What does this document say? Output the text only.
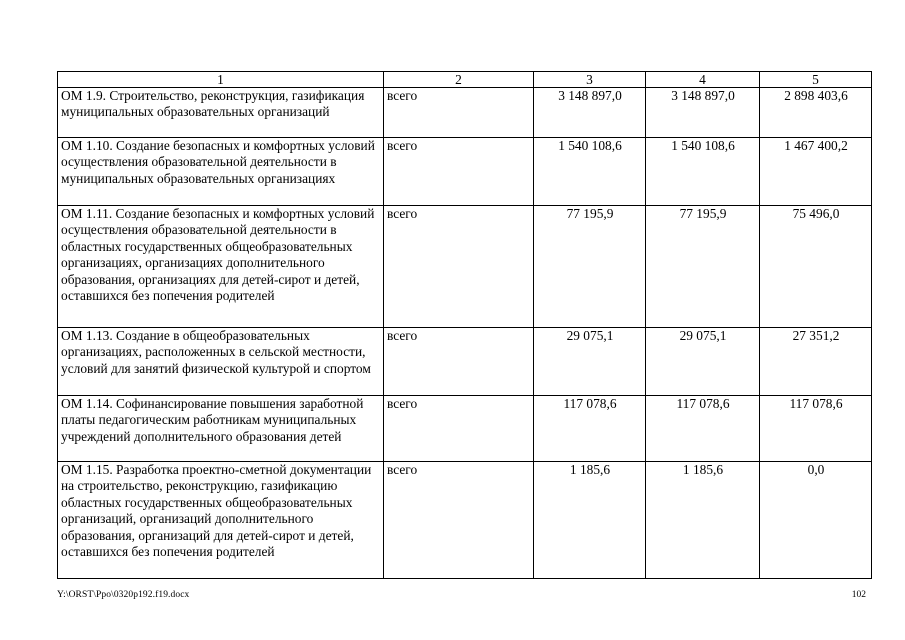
1	2	3	4	5
ОМ 1.9. Строительство, реконструкция, газификация муниципальных образовательных организаций	всего	3 148 897,0	3 148 897,0	2 898 403,6
ОМ 1.10. Создание безопасных и комфортных условий осуществления образовательной деятельности в муниципальных образовательных организациях	всего	1 540 108,6	1 540 108,6	1 467 400,2
ОМ 1.11. Создание безопасных и комфортных условий осуществления образовательной деятельности в областных государственных общеобразовательных организациях, организациях дополнительного образования, организациях для детей-сирот и детей, оставшихся без попечения родителей	всего	77 195,9	77 195,9	75 496,0
ОМ 1.13. Создание в общеобразовательных организациях, расположенных в сельской местности, условий для занятий физической культурой и спортом	всего	29 075,1	29 075,1	27 351,2
ОМ 1.14. Софинансирование повышения заработной платы педагогическим работникам муниципальных учреждений дополнительного образования детей	всего	117 078,6	117 078,6	117 078,6
ОМ 1.15. Разработка проектно-сметной документации на строительство, реконструкцию, газификацию областных государственных общеобразовательных организаций, организаций дополнительного образования, организаций для детей-сирот и детей, оставшихся без попечения родителей	всего	1 185,6	1 185,6	0,0
Y:\ORST\Ppo\0320p192.f19.docx	102
